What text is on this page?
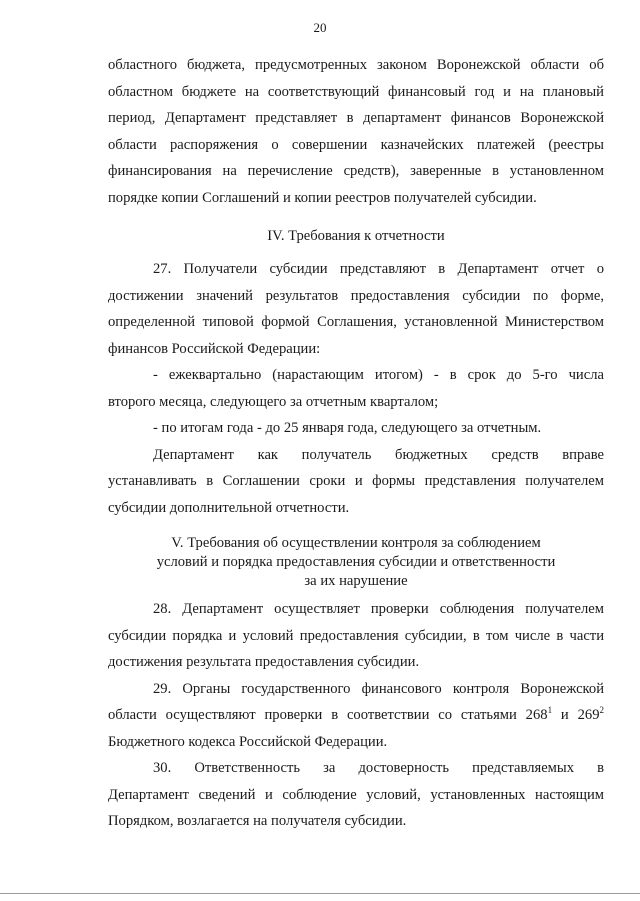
20

областного бюджета, предусмотренных законом Воронежской области об

областном бюджете на соответствующий финансовый год и на плановый

период, Департамент представляет в департамент финансов Воронежской

области распоряжения о совершении казначейских платежей (реестры

финансирования на перечисление средств), заверенные в установленном

порядке копии Соглашений и копии реестров получателей субсидии.

IV. Требования к отчетности

27. Получатели субсидии представляют в Департамент отчет о

достижении значений результатов предоставления субсидии по форме,

определенной типовой формой Соглашения, установленной Министерством

финансов Российской Федерации:

- ежеквартально (нарастающим итогом) - в срок до 5-го числа

второго месяца, следующего за отчетным кварталом;

- по итогам года - до 25 января года, следующего за отчетным.

Департамент как получатель бюджетных средств вправе

устанавливать в Соглашении сроки и формы представления получателем

субсидии дополнительной отчетности.

V. Требования об осуществлении контроля за соблюдением
условий и порядка предоставления субсидии и ответственности
за их нарушение

28. Департамент осуществляет проверки соблюдения получателем

субсидии порядка и условий предоставления субсидии, в том числе в части

достижения результата предоставления субсидии.

29. Органы государственного финансового контроля Воронежской

области осуществляют проверки в соответствии со статьями $268^1$ и $269^2$

Бюджетного кодекса Российской Федерации.

30. Ответственность за достоверность представляемых в

Департамент сведений и соблюдение условий, установленных настоящим

Порядком, возлагается на получателя субсидии.
